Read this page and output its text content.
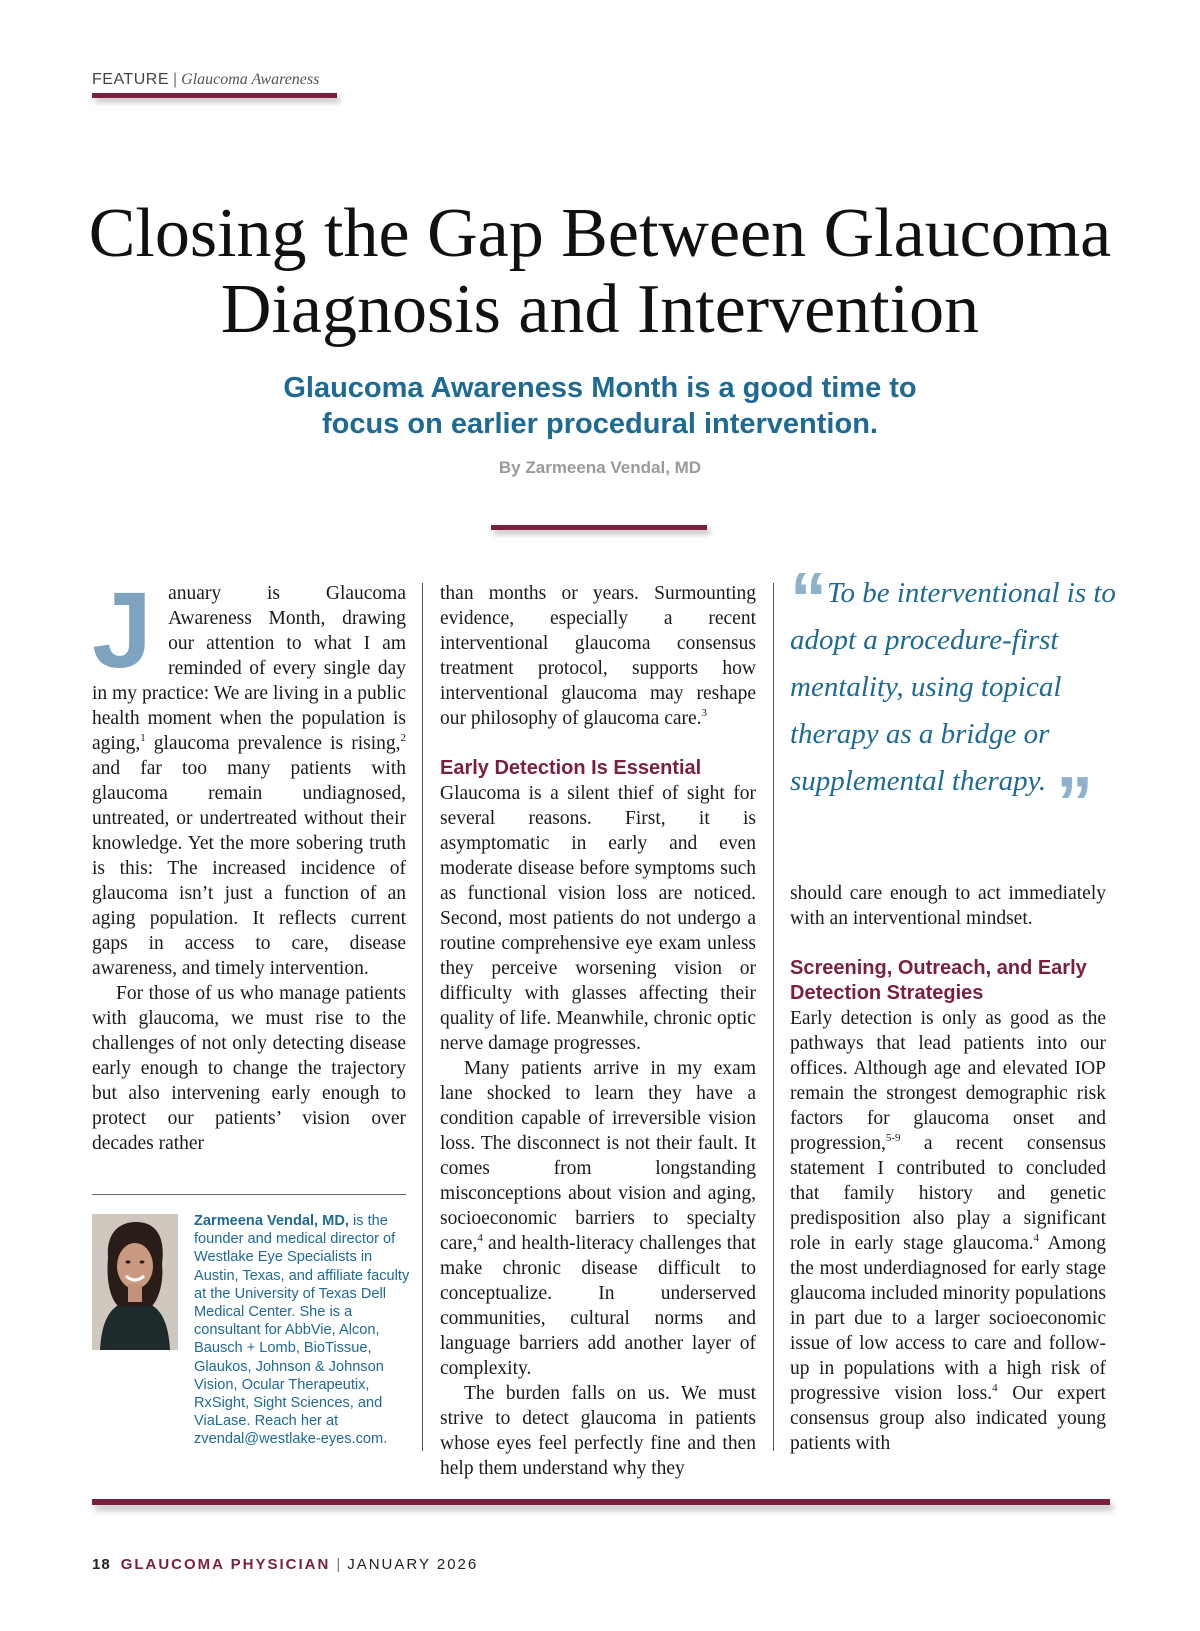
FEATURE | Glaucoma Awareness
Closing the Gap Between Glaucoma
Diagnosis and Intervention
Glaucoma Awareness Month is a good time to
focus on earlier procedural intervention.
By Zarmeena Vendal, MD

January is Glaucoma Awareness Month, drawing our attention to what I am reminded of every single day in my practice: We are living in a public health moment when the population is aging,$^1$ glaucoma prevalence is rising,$^2$ and far too many patients with glaucoma remain undiagnosed, untreated, or undertreated without their knowledge. Yet the more sobering truth is this: The increased incidence of glaucoma isn’t just a function of an aging population. It reflects current gaps in access to care, disease awareness, and timely intervention.

For those of us who manage patients with glaucoma, we must rise to the challenges of not only detecting disease early enough to change the trajectory but also intervening early enough to protect our patients’ vision over decades rather

Zarmeena Vendal, MD, is the founder and medical director of Westlake Eye Specialists in Austin, Texas, and affiliate faculty at the University of Texas Dell Medical Center. She is a consultant for AbbVie, Alcon, Bausch + Lomb, BioTissue, Glaukos, Johnson & Johnson Vision, Ocular Therapeutix, RxSight, Sight Sciences, and ViaLase. Reach her at zvendal@westlake-eyes.com.

than months or years. Surmounting evidence, especially a recent interventional glaucoma consensus treatment protocol, supports how interventional glaucoma may reshape our philosophy of glaucoma care.$^3$

Early Detection Is Essential

Glaucoma is a silent thief of sight for several reasons. First, it is asymptomatic in early and even moderate disease before symptoms such as functional vision loss are noticed. Second, most patients do not undergo a routine comprehensive eye exam unless they perceive worsening vision or difficulty with glasses affecting their quality of life. Meanwhile, chronic optic nerve damage progresses.

Many patients arrive in my exam lane shocked to learn they have a condition capable of irreversible vision loss. The disconnect is not their fault. It comes from longstanding misconceptions about vision and aging, socioeconomic barriers to specialty care,$^4$ and health-literacy challenges that make chronic disease difficult to conceptualize. In underserved communities, cultural norms and language barriers add another layer of complexity.

The burden falls on us. We must strive to detect glaucoma in patients whose eyes feel perfectly fine and then help them understand why they

“ To be interventional is to adopt a procedure-first mentality, using topical therapy as a bridge or supplemental therapy. ”

should care enough to act immediately with an interventional mindset.

Screening, Outreach, and Early Detection Strategies

Early detection is only as good as the pathways that lead patients into our offices. Although age and elevated IOP remain the strongest demographic risk factors for glaucoma onset and progression,$^{5-9}$ a recent consensus statement I contributed to concluded that family history and genetic predisposition also play a significant role in early stage glaucoma.$^4$ Among the most underdiagnosed for early stage glaucoma included minority populations in part due to a larger socioeconomic issue of low access to care and follow-up in populations with a high risk of progressive vision loss.$^4$ Our expert consensus group also indicated young patients with

18 GLAUCOMA PHYSICIAN | JANUARY 2026
